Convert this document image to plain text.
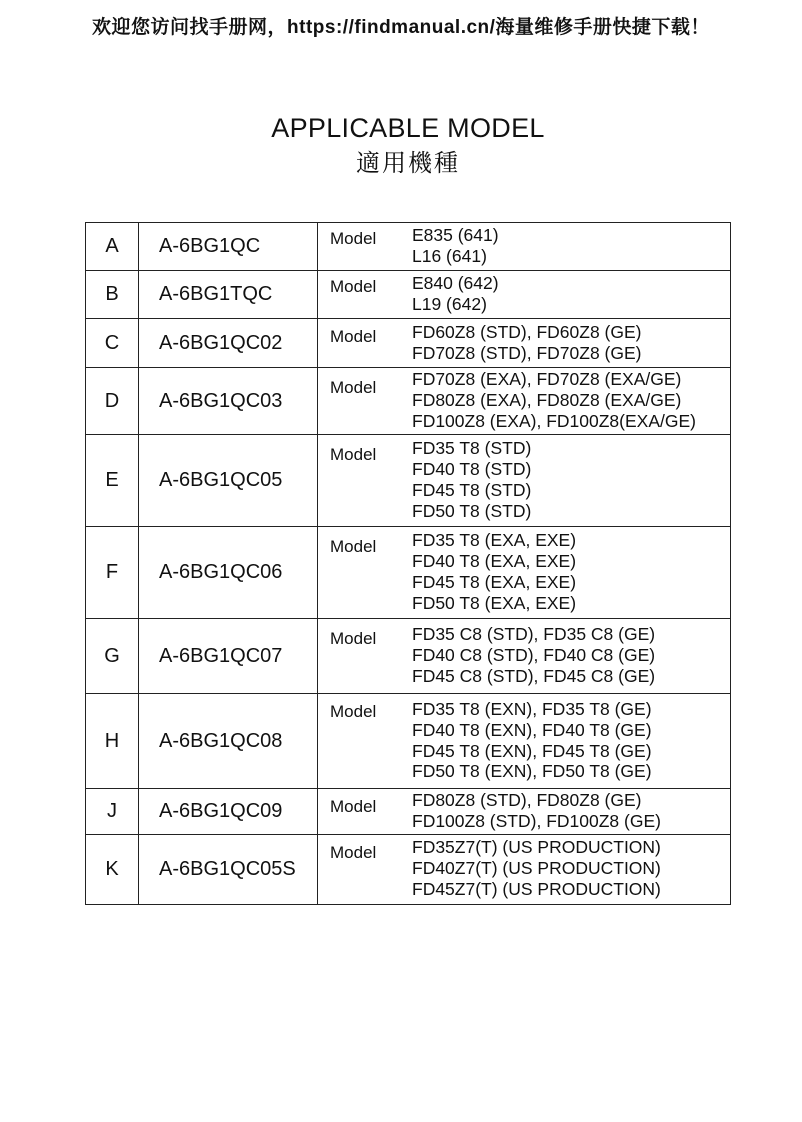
欢迎您访问找手册网，https://findmanual.cn/海量维修手册快捷下载！
APPLICABLE MODEL
適用機種
A	A-6BG1QC	Model E835 (641)
L16 (641)

B	A-6BG1TQC	Model E840 (642)
L19 (642)

C	A-6BG1QC02	Model FD60Z8 (STD), FD60Z8 (GE)
FD70Z8 (STD), FD70Z8 (GE)

D	A-6BG1QC03	Model FD70Z8 (EXA), FD70Z8 (EXA/GE)
FD80Z8 (EXA), FD80Z8 (EXA/GE)
FD100Z8 (EXA), FD100Z8(EXA/GE)

E	A-6BG1QC05	Model FD35 T8 (STD)
FD40 T8 (STD)
FD45 T8 (STD)
FD50 T8 (STD)

F	A-6BG1QC06	Model FD35 T8 (EXA, EXE)
FD40 T8 (EXA, EXE)
FD45 T8 (EXA, EXE)
FD50 T8 (EXA, EXE)

G	A-6BG1QC07	Model FD35 C8 (STD), FD35 C8 (GE)
FD40 C8 (STD), FD40 C8 (GE)
FD45 C8 (STD), FD45 C8 (GE)

H	A-6BG1QC08	Model FD35 T8 (EXN), FD35 T8 (GE)
FD40 T8 (EXN), FD40 T8 (GE)
FD45 T8 (EXN), FD45 T8 (GE)
FD50 T8 (EXN), FD50 T8 (GE)

J	A-6BG1QC09	Model FD80Z8 (STD), FD80Z8 (GE)
FD100Z8 (STD), FD100Z8 (GE)

K	A-6BG1QC05S	Model FD35Z7(T) (US PRODUCTION)
FD40Z7(T) (US PRODUCTION)
FD45Z7(T) (US PRODUCTION)
